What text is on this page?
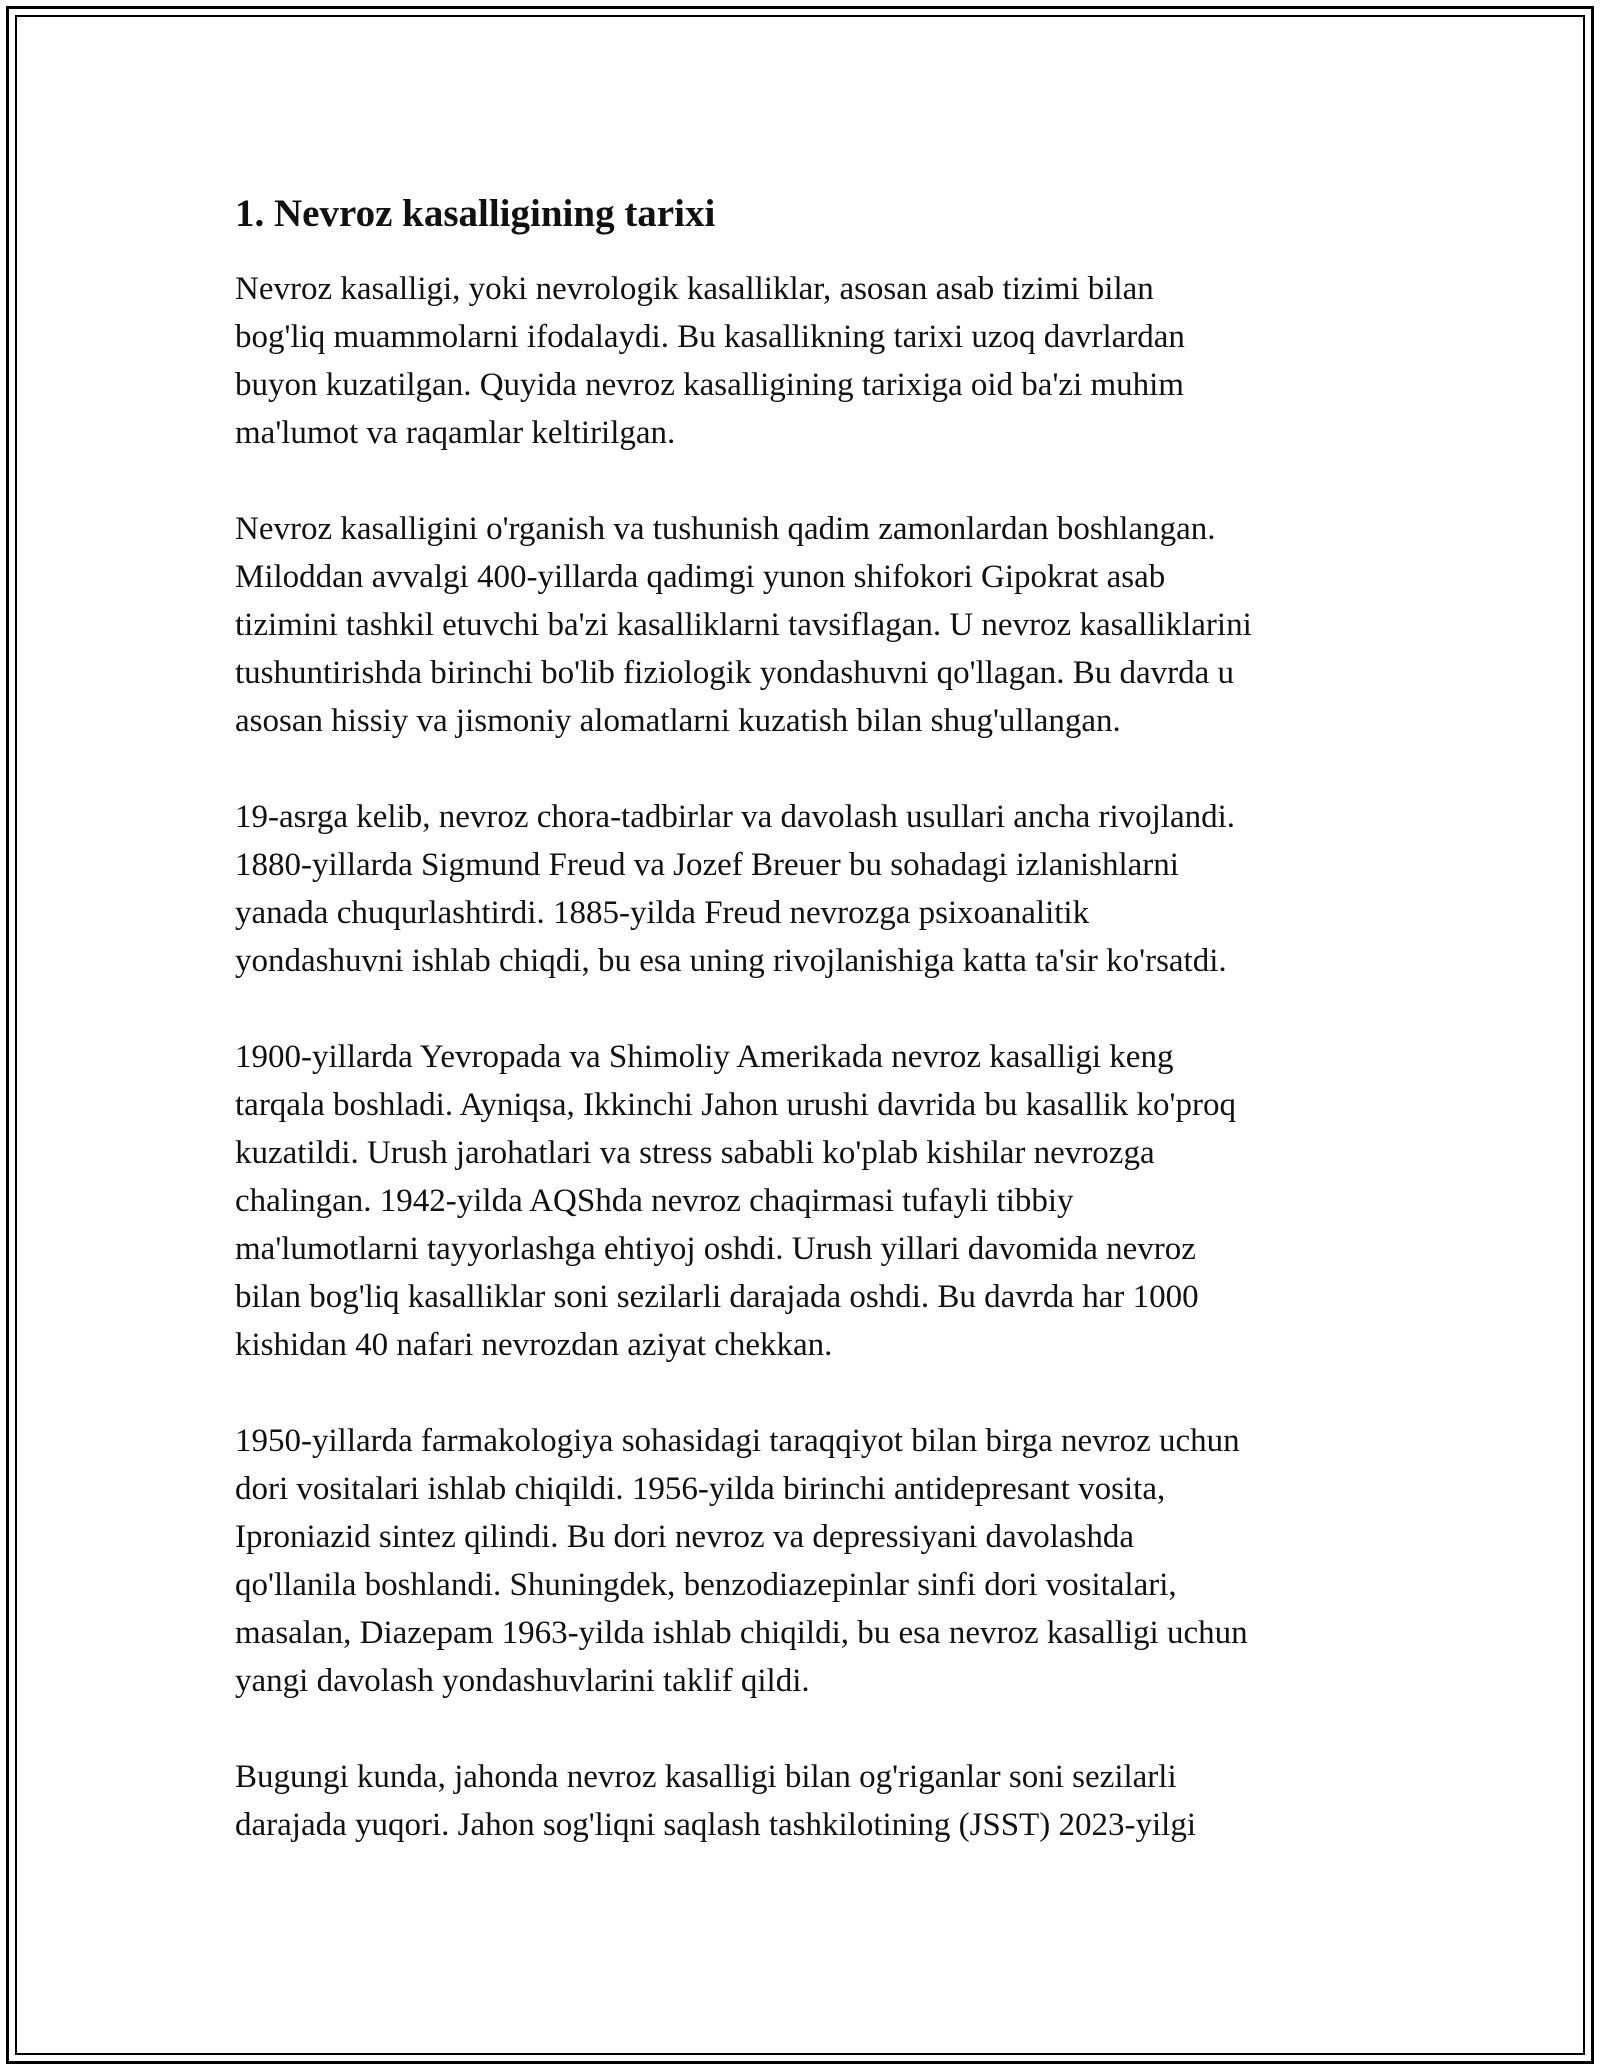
1. Nevroz kasalligining tarixi

Nevroz kasalligi, yoki nevrologik kasalliklar, asosan asab tizimi bilan
bog'liq muammolarni ifodalaydi. Bu kasallikning tarixi uzoq davrlardan
buyon kuzatilgan. Quyida nevroz kasalligining tarixiga oid ba'zi muhim
ma'lumot va raqamlar keltirilgan.

Nevroz kasalligini o'rganish va tushunish qadim zamonlardan boshlangan.
Miloddan avvalgi 400-yillarda qadimgi yunon shifokori Gipokrat asab
tizimini tashkil etuvchi ba'zi kasalliklarni tavsiflagan. U nevroz kasalliklarini
tushuntirishda birinchi bo'lib fiziologik yondashuvni qo'llagan. Bu davrda u
asosan hissiy va jismoniy alomatlarni kuzatish bilan shug'ullangan.

19-asrga kelib, nevroz chora-tadbirlar va davolash usullari ancha rivojlandi.
1880-yillarda Sigmund Freud va Jozef Breuer bu sohadagi izlanishlarni
yanada chuqurlashtirdi. 1885-yilda Freud nevrozga psixoanalitik
yondashuvni ishlab chiqdi, bu esa uning rivojlanishiga katta ta'sir ko'rsatdi.

1900-yillarda Yevropada va Shimoliy Amerikada nevroz kasalligi keng
tarqala boshladi. Ayniqsa, Ikkinchi Jahon urushi davrida bu kasallik ko'proq
kuzatildi. Urush jarohatlari va stress sababli ko'plab kishilar nevrozga
chalingan. 1942-yilda AQShda nevroz chaqirmasi tufayli tibbiy
ma'lumotlarni tayyorlashga ehtiyoj oshdi. Urush yillari davomida nevroz
bilan bog'liq kasalliklar soni sezilarli darajada oshdi. Bu davrda har 1000
kishidan 40 nafari nevrozdan aziyat chekkan.

1950-yillarda farmakologiya sohasidagi taraqqiyot bilan birga nevroz uchun
dori vositalari ishlab chiqildi. 1956-yilda birinchi antidepresant vosita,
Iproniazid sintez qilindi. Bu dori nevroz va depressiyani davolashda
qo'llanila boshlandi. Shuningdek, benzodiazepinlar sinfi dori vositalari,
masalan, Diazepam 1963-yilda ishlab chiqildi, bu esa nevroz kasalligi uchun
yangi davolash yondashuvlarini taklif qildi.

Bugungi kunda, jahonda nevroz kasalligi bilan og'riganlar soni sezilarli
darajada yuqori. Jahon sog'liqni saqlash tashkilotining (JSST) 2023-yilgi
